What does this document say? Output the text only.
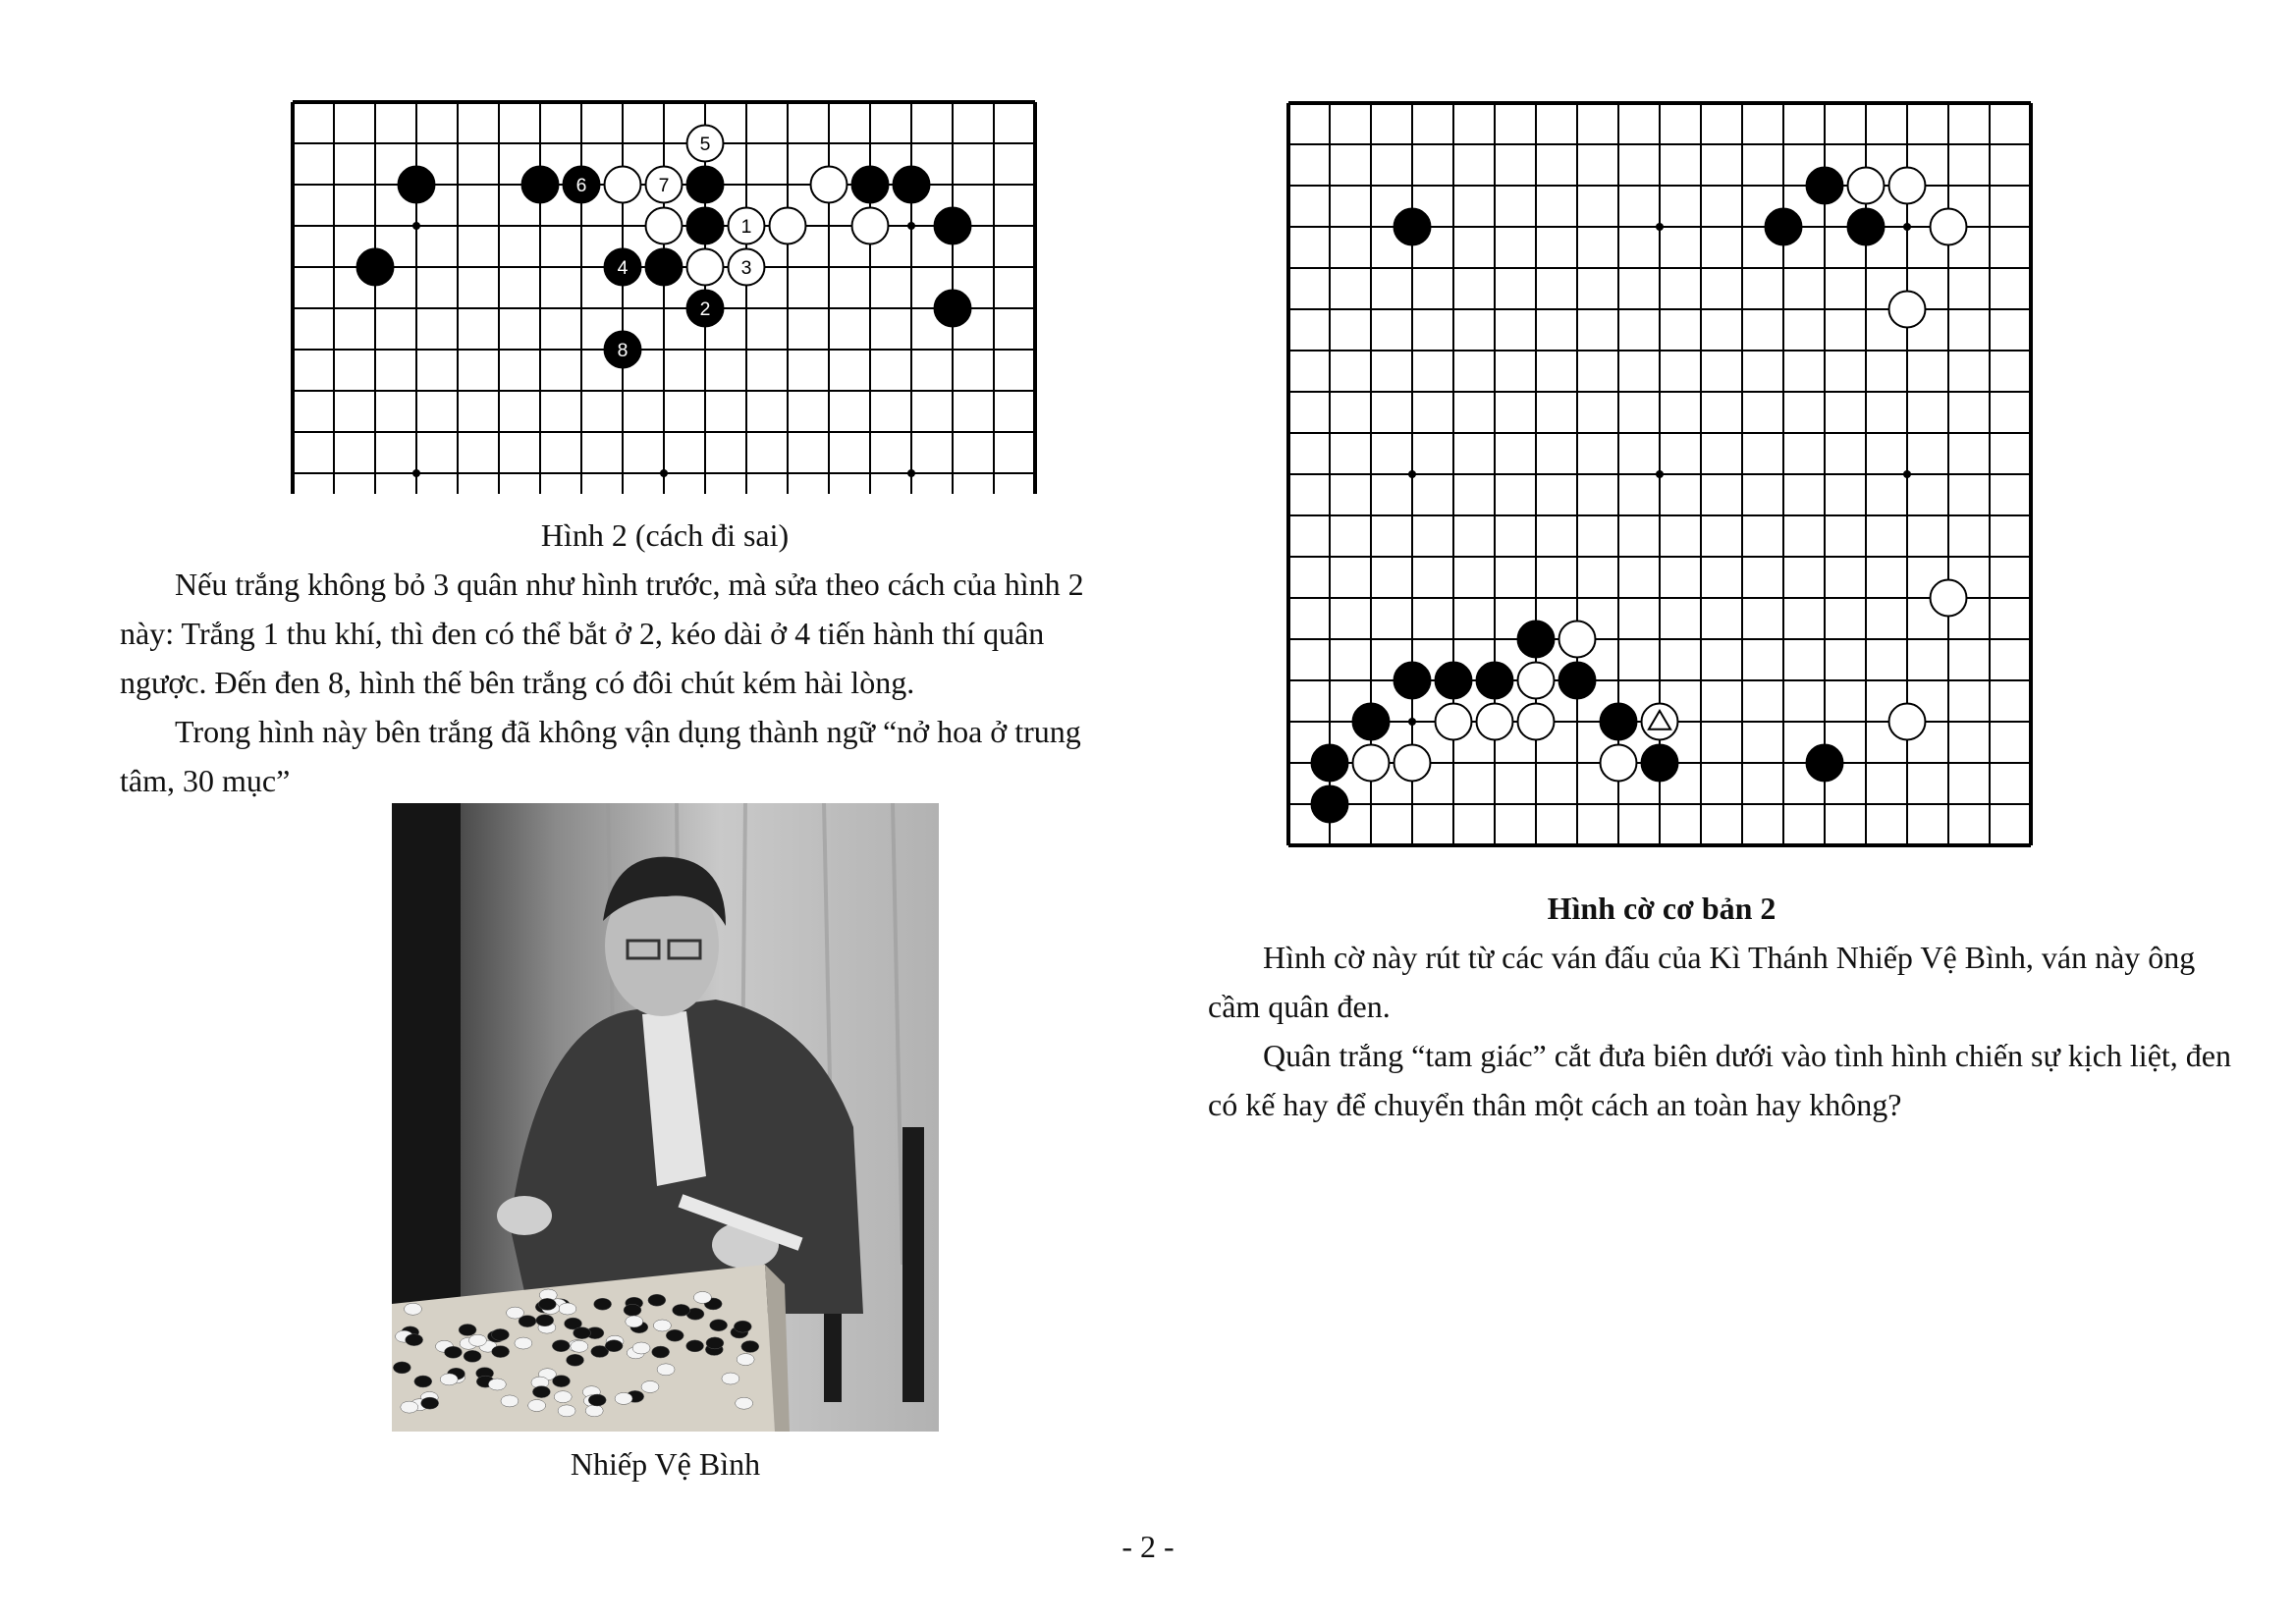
6	7
5
1
4	3
2
8
Hình 2 (cách đi sai)
Nếu trắng không bỏ 3 quân như hình trước, mà sửa theo cách của hình 2 này: Trắng 1 thu khí, thì đen có thể bắt ở 2, kéo dài ở 4 tiến hành thí quân ngược. Đến đen 8, hình thế bên trắng có đôi chút kém hài lòng.
Trong hình này bên trắng đã không vận dụng thành ngữ “nở hoa ở trung tâm, 30 mục”
Nhiếp Vệ Bình
Hình cờ cơ bản 2
Hình cờ này rút từ các ván đấu của Kì Thánh Nhiếp Vệ Bình, ván này ông cầm quân đen.
Quân trắng “tam giác” cắt đưa biên dưới vào tình hình chiến sự kịch liệt, đen có kế hay để chuyển thân một cách an toàn hay không?
- 2 -
